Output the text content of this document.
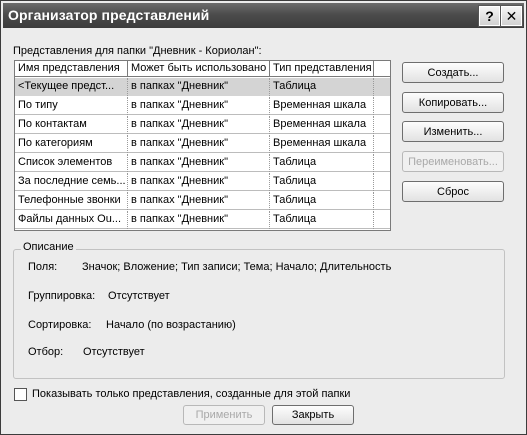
Организатор представлений	? ✕
Представления для папки "Дневник - Кориолан":
Имя представления	Может быть использовано Тип представления
<Текущее предст...	в папках "Дневник"	Таблица
По типу	в папках "Дневник"	Временная шкала
По контактам	в папках "Дневник"	Временная шкала
По категориям	в папках "Дневник"	Временная шкала
Список элементов	в папках "Дневник"	Таблица
За последние семь... в папках "Дневник"	Таблица
Телефонные звонки в папках "Дневник"	Таблица
Файлы данных Ou... в папках "Дневник"	Таблица
Создать...
Копировать...
Изменить...
Переименовать...
Сброс
Описание
Поля: Значок; Вложение; Тип записи; Тема; Начало; Длительность
Группировка: Отсутствует
Сортировка: Начало (по возрастанию)
Отбор: Отсутствует
Показывать только представления, созданные для этой папки
Применить	Закрыть
